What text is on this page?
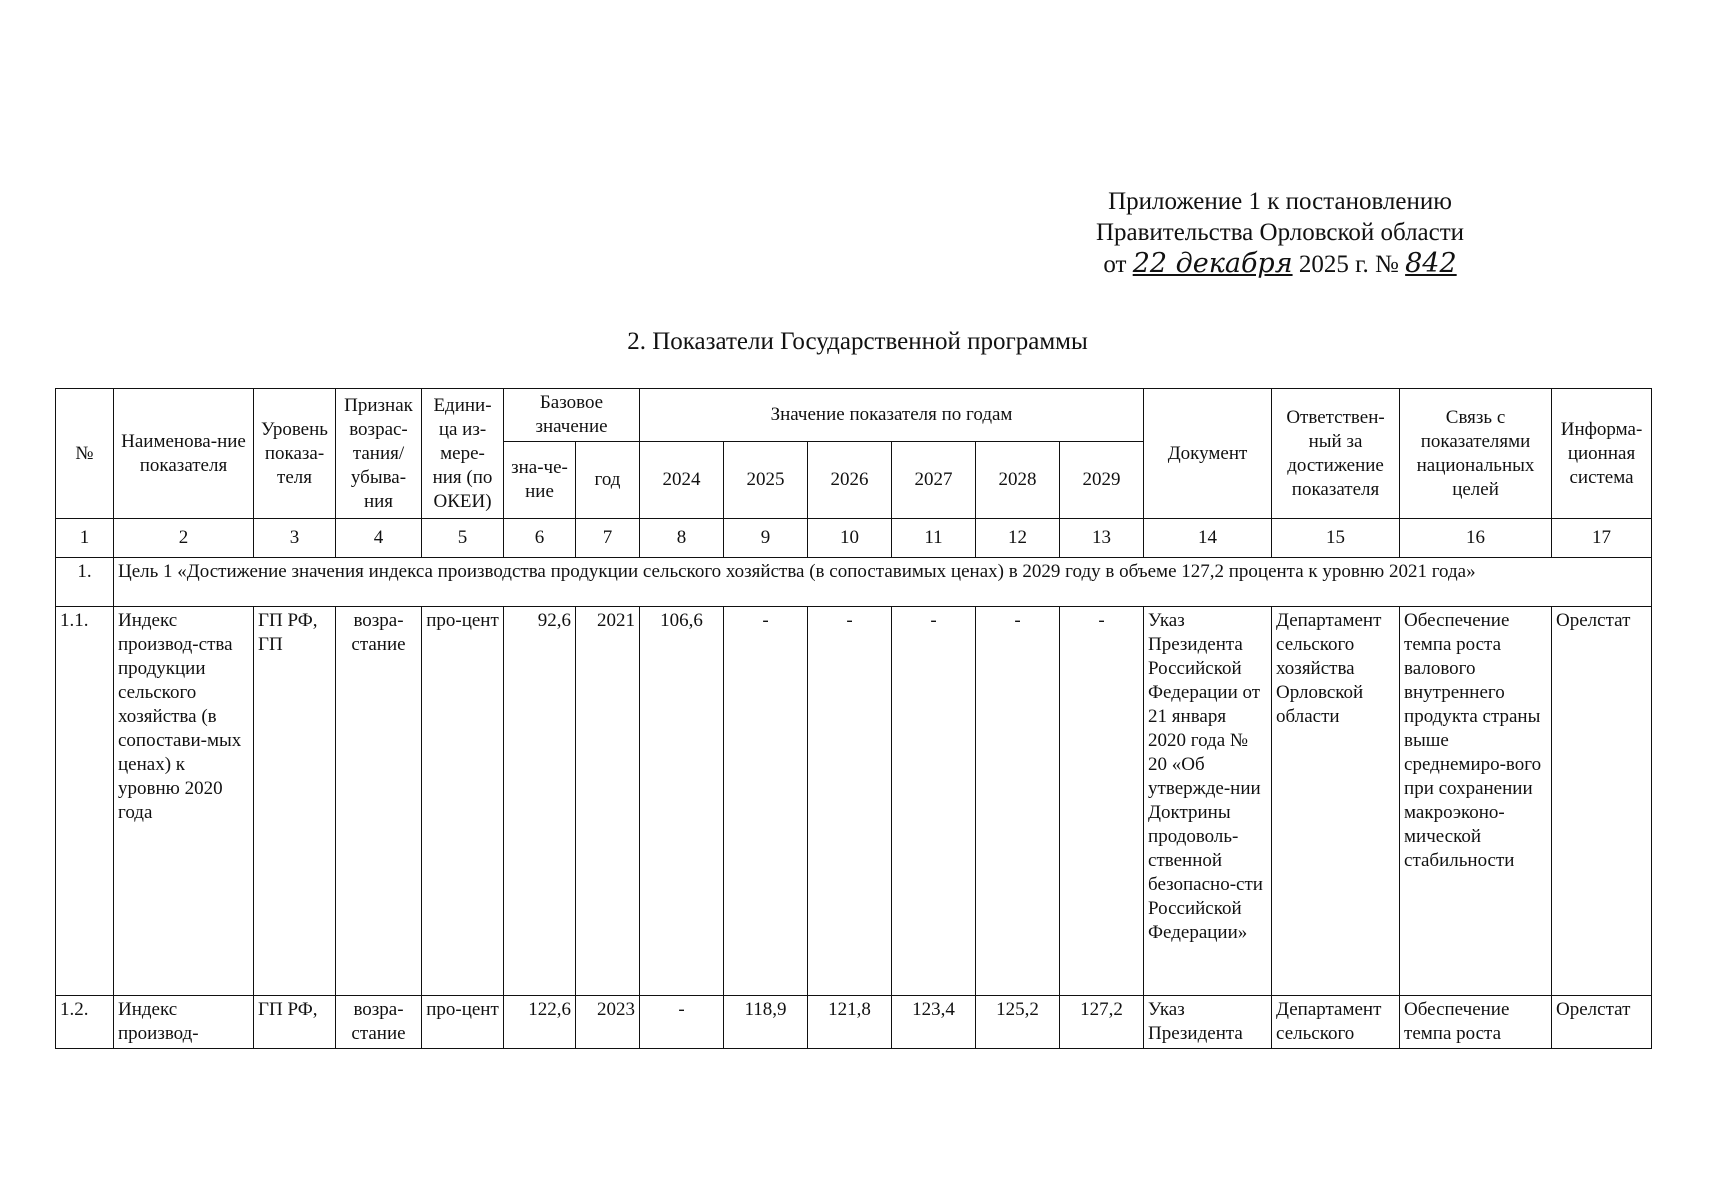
Приложение 1 к постановлению
Правительства Орловской области
от 22 декабря 2025 г. № 842
2. Показатели Государственной программы
№	Наименова-ние показателя	Уровень показа-теля	Признак возрас-тания/ убыва-ния	Едини-ца из-мере-ния (по ОКЕИ)	Базовое значение		Значение показателя по годам						Документ	Ответствен-ный за достижение показателя	Связь с показателями национальных целей	Информа-ционная система
					зна-че-ние	год	2024	2025	2026	2027	2028	2029				
1	2	3	4	5	6	7	8	9	10	11	12	13	14	15	16	17
1.	Цель 1 «Достижение значения индекса производства продукции сельского хозяйства (в сопоставимых ценах) в 2029 году в объеме 127,2 процента к уровню 2021 года»															
1.1.	Индекс производ-ства продукции сельского хозяйства (в сопостави-мых ценах) к уровню 2020 года	ГП РФ, ГП	возра-стание	про-цент	92,6	2021	106,6	-	-	-	-	-	Указ Президента Российской Федерации от 21 января 2020 года № 20 «Об утвержде-нии Доктрины продоволь-ственной безопасно-сти Российской Федерации»	Департамент сельского хозяйства Орловской области	Обеспечение темпа роста валового внутреннего продукта страны выше среднемиро-вого при сохранении макроэконо-мической стабильности	Орелстат
1.2.	Индекс производ-	ГП РФ,	возра-стание	про-цент	122,6	2023	-	118,9	121,8	123,4	125,2	127,2	Указ Президента	Департамент сельского	Обеспечение темпа роста	Орелстат
